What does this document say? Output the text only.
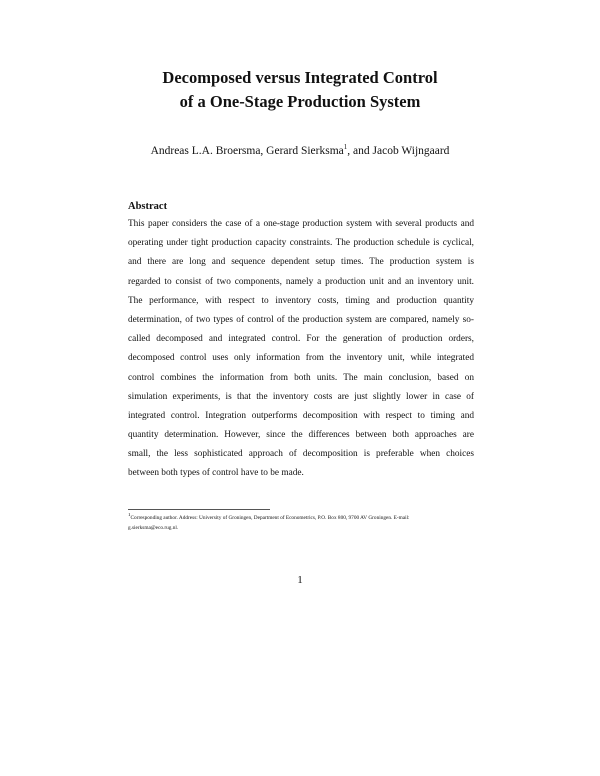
Decomposed versus Integrated Control
of a One-Stage Production System
Andreas L.A. Broersma, Gerard Sierksma$^1$, and Jacob Wijngaard
Abstract
This paper considers the case of a one-stage production system with several products and
operating under tight production capacity constraints. The production schedule is cyclical,
and there are long and sequence dependent setup times. The production system is
regarded to consist of two components, namely a production unit and an inventory unit.
The performance, with respect to inventory costs, timing and production quantity
determination, of two types of control of the production system are compared, namely so-
called decomposed and integrated control. For the generation of production orders,
decomposed control uses only information from the inventory unit, while integrated
control combines the information from both units. The main conclusion, based on
simulation experiments, is that the inventory costs are just slightly lower in case of
integrated control. Integration outperforms decomposition with respect to timing and
quantity determination. However, since the differences between both approaches are
small, the less sophisticated approach of decomposition is preferable when choices
between both types of control have to be made.
$^1$Corresponding author. Address: University of Groningen, Department of Econometrics, P.O. Box 800, 9700 AV Groningen. E-mail:
g.sierksma@eco.rug.nl.
1
